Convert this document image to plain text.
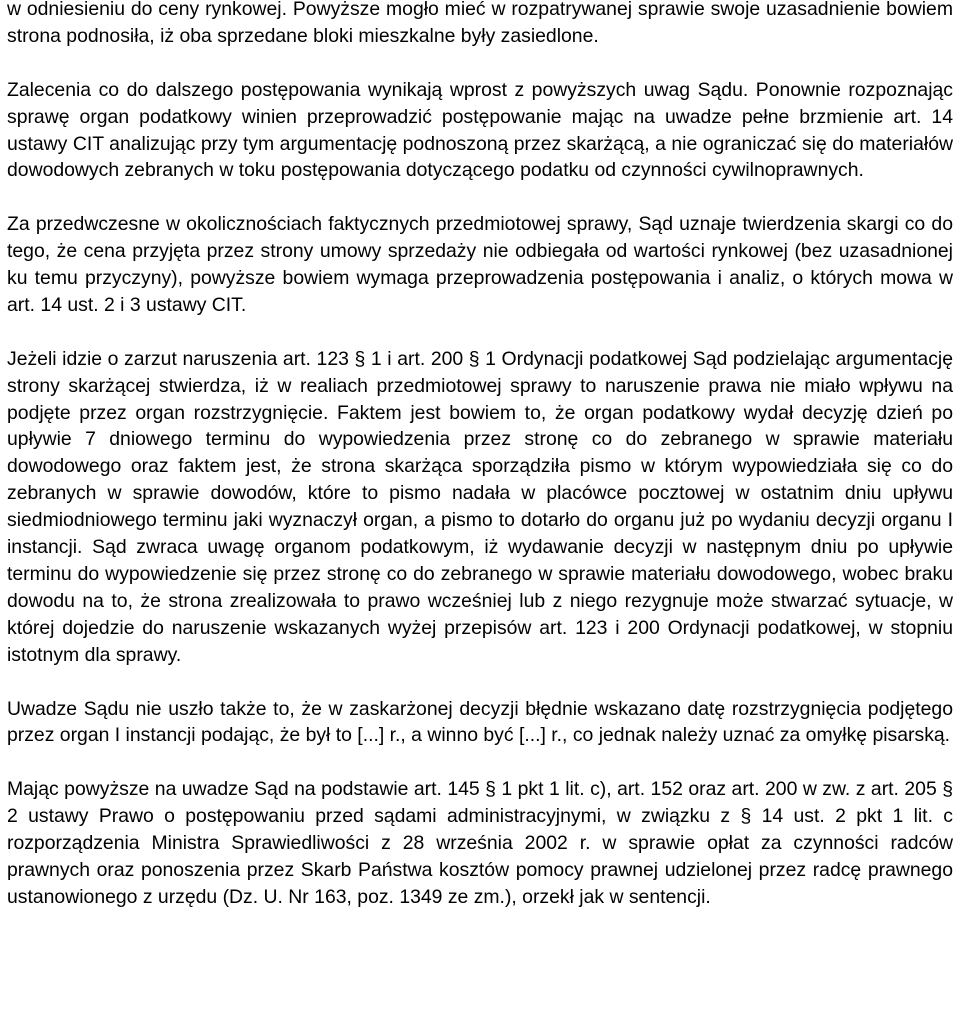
w odniesieniu do ceny rynkowej. Powyższe mogło mieć w rozpatrywanej sprawie swoje uzasadnienie bowiem strona podnosiła, iż oba sprzedane bloki mieszkalne były zasiedlone.

Zalecenia co do dalszego postępowania wynikają wprost z powyższych uwag Sądu. Ponownie rozpoznając sprawę organ podatkowy winien przeprowadzić postępowanie mając na uwadze pełne brzmienie art. 14 ustawy CIT analizując przy tym argumentację podnoszoną przez skarżącą, a nie ograniczać się do materiałów dowodowych zebranych w toku postępowania dotyczącego podatku od czynności cywilnoprawnych.

Za przedwczesne w okolicznościach faktycznych przedmiotowej sprawy, Sąd uznaje twierdzenia skargi co do tego, że cena przyjęta przez strony umowy sprzedaży nie odbiegała od wartości rynkowej (bez uzasadnionej ku temu przyczyny), powyższe bowiem wymaga przeprowadzenia postępowania i analiz, o których mowa w art. 14 ust. 2 i 3 ustawy CIT.

Jeżeli idzie o zarzut naruszenia art. 123 § 1 i art. 200 § 1 Ordynacji podatkowej Sąd podzielając argumentację strony skarżącej stwierdza, iż w realiach przedmiotowej sprawy to naruszenie prawa nie miało wpływu na podjęte przez organ rozstrzygnięcie. Faktem jest bowiem to, że organ podatkowy wydał decyzję dzień po upływie 7 dniowego terminu do wypowiedzenia przez stronę co do zebranego w sprawie materiału dowodowego oraz faktem jest, że strona skarżąca sporządziła pismo w którym wypowiedziała się co do zebranych w sprawie dowodów, które to pismo nadała w placówce pocztowej w ostatnim dniu upływu siedmiodniowego terminu jaki wyznaczył organ, a pismo to dotarło do organu już po wydaniu decyzji organu I instancji. Sąd zwraca uwagę organom podatkowym, iż wydawanie decyzji w następnym dniu po upływie terminu do wypowiedzenie się przez stronę co do zebranego w sprawie materiału dowodowego, wobec braku dowodu na to, że strona zrealizowała to prawo wcześniej lub z niego rezygnuje może stwarzać sytuacje, w której dojedzie do naruszenie wskazanych wyżej przepisów art. 123 i 200 Ordynacji podatkowej, w stopniu istotnym dla sprawy.

Uwadze Sądu nie uszło także to, że w zaskarżonej decyzji błędnie wskazano datę rozstrzygnięcia podjętego przez organ I instancji podając, że był to [...] r., a winno być [...] r., co jednak należy uznać za omyłkę pisarską.

Mając powyższe na uwadze Sąd na podstawie art. 145 § 1 pkt 1 lit. c), art. 152 oraz art. 200 w zw. z art. 205 § 2 ustawy Prawo o postępowaniu przed sądami administracyjnymi, w związku z § 14 ust. 2 pkt 1 lit. c rozporządzenia Ministra Sprawiedliwości z 28 września 2002 r. w sprawie opłat za czynności radców prawnych oraz ponoszenia przez Skarb Państwa kosztów pomocy prawnej udzielonej przez radcę prawnego ustanowionego z urzędu (Dz. U. Nr 163, poz. 1349 ze zm.), orzekł jak w sentencji.
